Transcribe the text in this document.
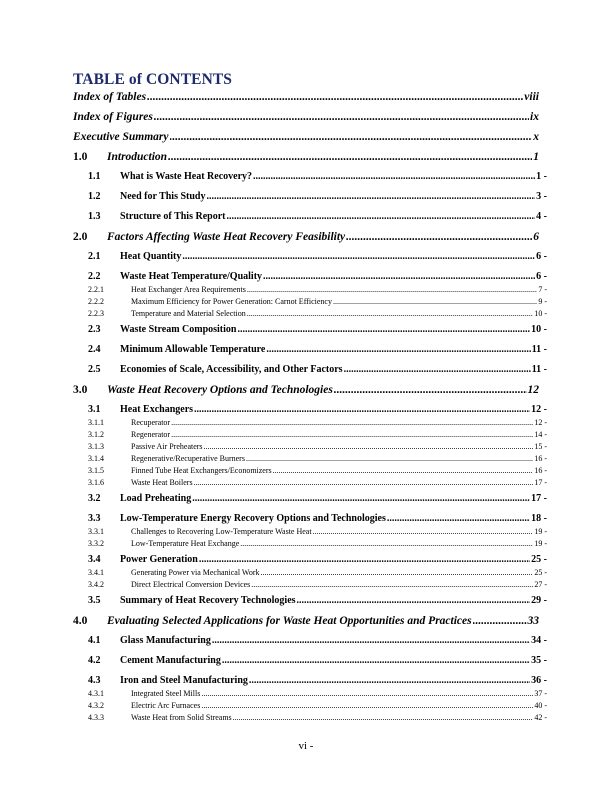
TABLE of CONTENTS
Index of Tables .....	viii
Index of Figures .....	ix
Executive Summary .....	x
1.0	Introduction .....	1
1.1	What is Waste Heat Recovery? .....	1 -
1.2	Need for This Study .....	3 -
1.3	Structure of This Report .....	4 -
2.0	Factors Affecting Waste Heat Recovery Feasibility .....	6
2.1	Heat Quantity .....	6 -
2.2	Waste Heat Temperature/Quality .....	6 -
2.2.1	Heat Exchanger Area Requirements .....	7 -
2.2.2	Maximum Efficiency for Power Generation: Carnot Efficiency .....	9 -
2.2.3	Temperature and Material Selection .....	10 -
2.3	Waste Stream Composition .....	10 -
2.4	Minimum Allowable Temperature .....	11 -
2.5	Economies of Scale, Accessibility, and Other Factors .....	11 -
3.0	Waste Heat Recovery Options and Technologies .....	12
3.1	Heat Exchangers .....	12 -
3.1.1	Recuperator .....	12 -
3.1.2	Regenerator .....	14 -
3.1.3	Passive Air Preheaters .....	15 -
3.1.4	Regenerative/Recuperative Burners .....	16 -
3.1.5	Finned Tube Heat Exchangers/Economizers .....	16 -
3.1.6	Waste Heat Boilers .....	17 -
3.2	Load Preheating .....	17 -
3.3	Low-Temperature Energy Recovery Options and Technologies .....	18 -
3.3.1	Challenges to Recovering Low-Temperature Waste Heat .....	19 -
3.3.2	Low-Temperature Heat Exchange .....	19 -
3.4	Power Generation .....	25 -
3.4.1	Generating Power via Mechanical Work .....	25 -
3.4.2	Direct Electrical Conversion Devices .....	27 -
3.5	Summary of Heat Recovery Technologies .....	29 -
4.0	Evaluating Selected Applications for Waste Heat Opportunities and Practices .....	33
4.1	Glass Manufacturing .....	34 -
4.2	Cement Manufacturing .....	35 -
4.3	Iron and Steel Manufacturing .....	36 -
4.3.1	Integrated Steel Mills .....	37 -
4.3.2	Electric Arc Furnaces .....	40 -
4.3.3	Waste Heat from Solid Streams .....	42 -
vi -
